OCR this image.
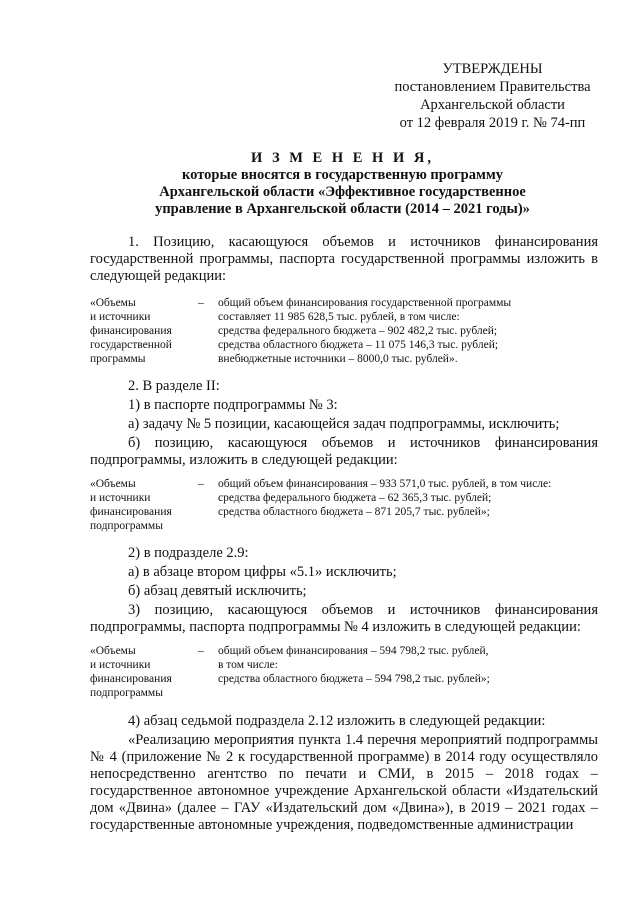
УТВЕРЖДЕНЫ
постановлением Правительства
Архангельской области
от 12 февраля 2019 г. № 74-пп
И З М Е Н Е Н И Я,
которые вносятся в государственную программу
Архангельской области «Эффективное государственное
управление в Архангельской области (2014 – 2021 годы)»
1. Позицию, касающуюся объемов и источников финансирования государственной программы, паспорта государственной программы изложить в следующей редакции:
«Объемы
и источники
финансирования
государственной
программы
– общий объем финансирования государственной программы
составляет 11 985 628,5 тыс. рублей, в том числе:
средства федерального бюджета – 902 482,2 тыс. рублей;
средства областного бюджета – 11 075 146,3 тыс. рублей;
внебюджетные источники – 8000,0 тыс. рублей».
2. В разделе II:
1) в паспорте подпрограммы № 3:
а) задачу № 5 позиции, касающейся задач подпрограммы, исключить;
б) позицию, касающуюся объемов и источников финансирования подпрограммы, изложить в следующей редакции:
«Объемы
и источники
финансирования
подпрограммы
– общий объем финансирования – 933 571,0 тыс. рублей, в том числе:
средства федерального бюджета – 62 365,3 тыс. рублей;
средства областного бюджета – 871 205,7 тыс. рублей»;
2) в подразделе 2.9:
а) в абзаце втором цифры «5.1» исключить;
б) абзац девятый исключить;
3) позицию, касающуюся объемов и источников финансирования подпрограммы, паспорта подпрограммы № 4 изложить в следующей редакции:
«Объемы
и источники
финансирования
подпрограммы
– общий объем финансирования – 594 798,2 тыс. рублей,
в том числе:
средства областного бюджета – 594 798,2 тыс. рублей»;
4) абзац седьмой подраздела 2.12 изложить в следующей редакции:
«Реализацию мероприятия пункта 1.4 перечня мероприятий подпрограммы № 4 (приложение № 2 к государственной программе) в 2014 году осуществляло непосредственно агентство по печати и СМИ, в 2015 – 2018 годах – государственное автономное учреждение Архангельской области «Издательский дом «Двина» (далее – ГАУ «Издательский дом «Двина»), в 2019 – 2021 годах – государственные автономные учреждения, подведомственные администрации
